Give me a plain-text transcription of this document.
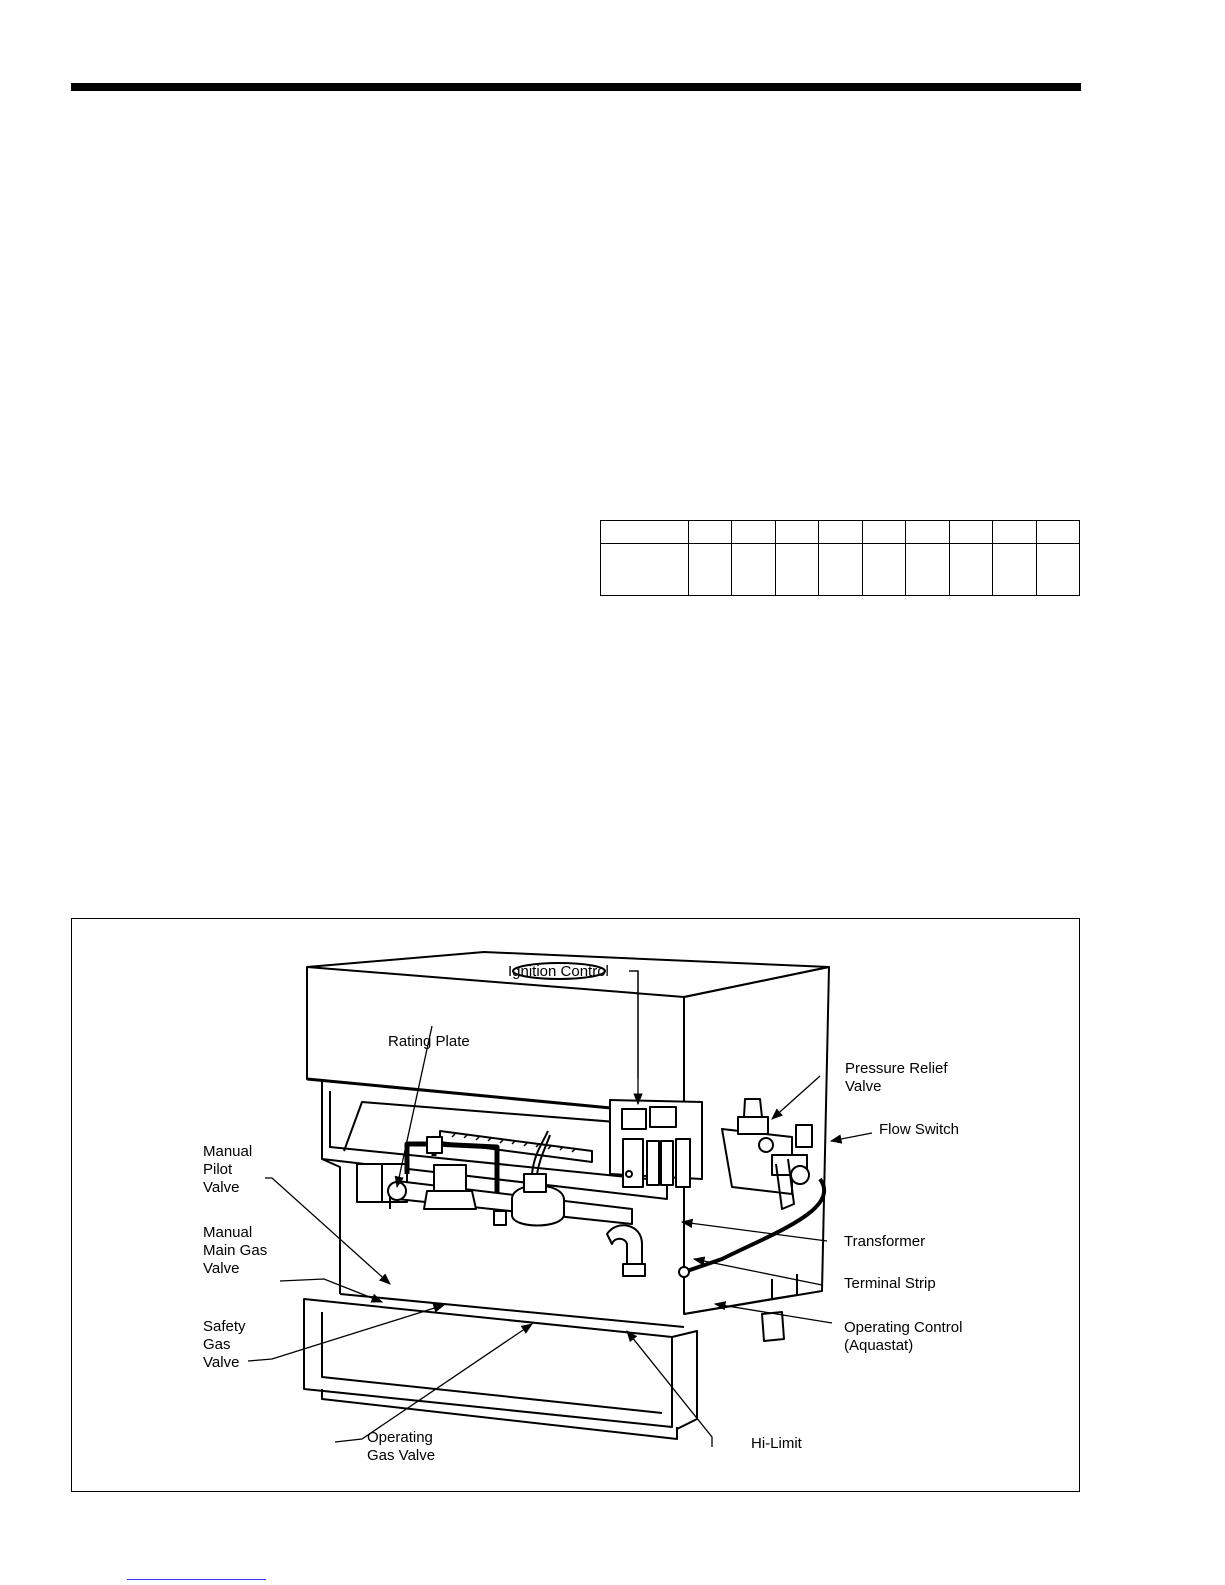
Rating Plate
Ignition Control
Pressure Relief
Valve
Flow Switch
Manual
Pilot
Valve
Manual
Main Gas
Valve
Safety
Gas
Valve
Transformer
Terminal Strip
Operating Control
(Aquastat)
Operating
Gas Valve
Hi-Limit
